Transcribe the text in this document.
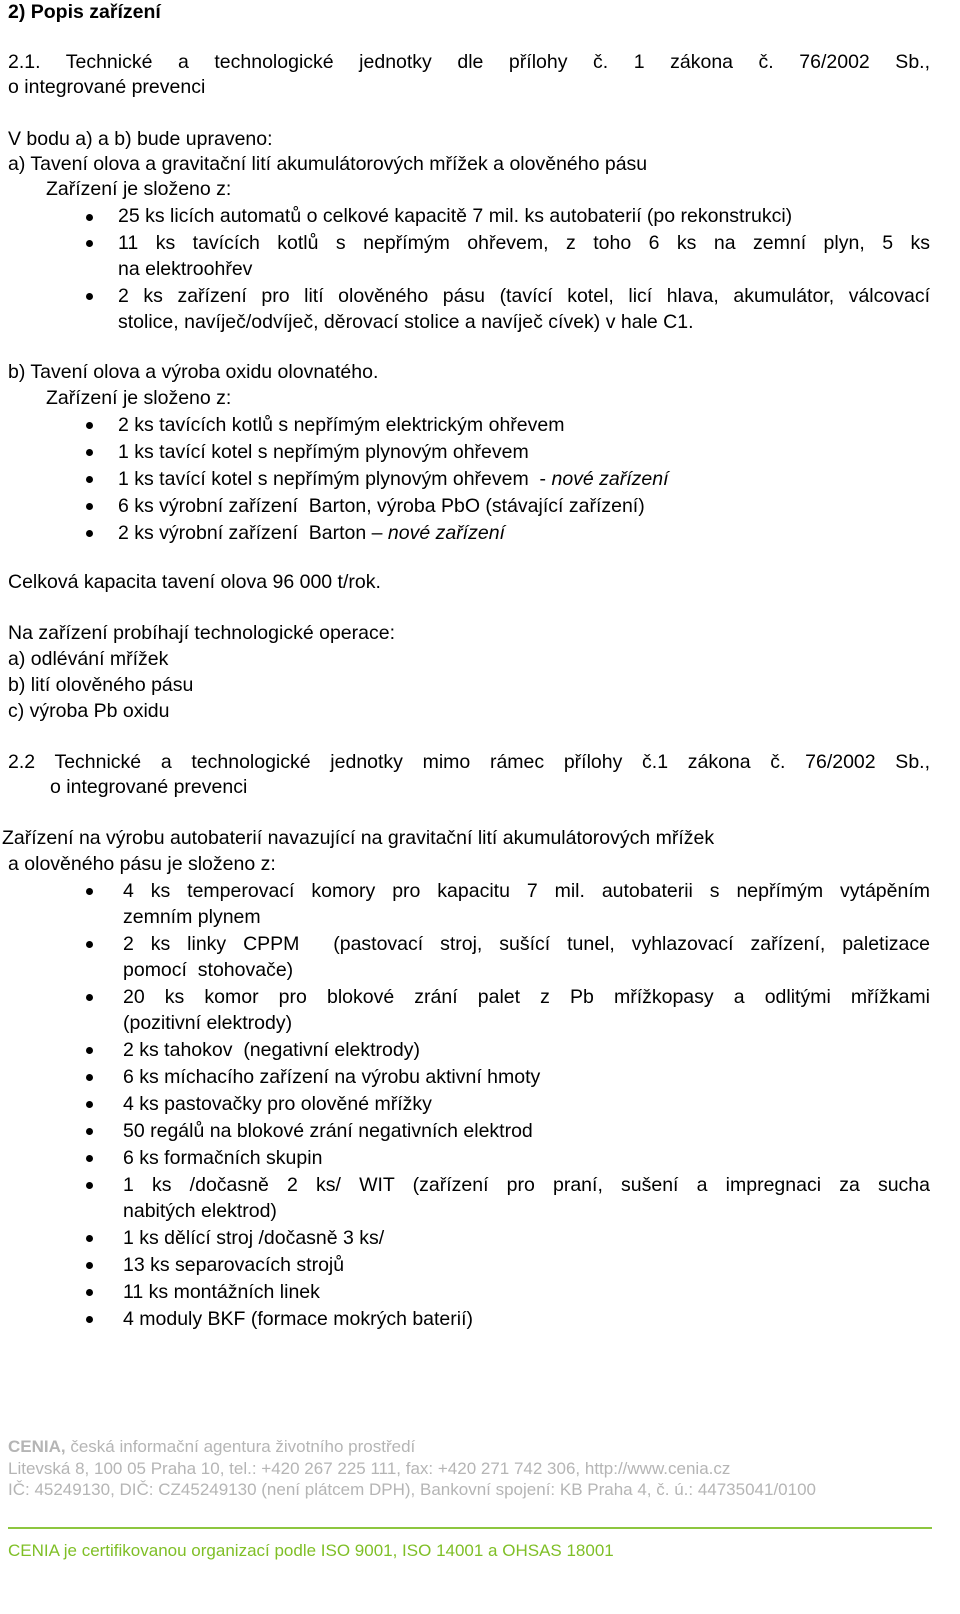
2) Popis zařízení
2.1. Technické a technologické jednotky dle přílohy č. 1 zákona č. 76/2002 Sb.,
o integrované prevenci
V bodu a) a b) bude upraveno:
a) Tavení olova a gravitační lití akumulátorových mřížek a olověného pásu
Zařízení je složeno z:
25 ks licích automatů o celkové kapacitě 7 mil. ks autobaterií (po rekonstrukci)
11 ks tavících kotlů s nepřímým ohřevem, z toho 6 ks na zemní plyn, 5 ks
na elektroohřev
2 ks zařízení pro lití olověného pásu (tavící kotel, licí hlava, akumulátor, válcovací
stolice, navíječ/odvíječ, děrovací stolice a navíječ cívek) v hale C1.
b) Tavení olova a výroba oxidu olovnatého.
Zařízení je složeno z:
2 ks tavících kotlů s nepřímým elektrickým ohřevem
1 ks tavící kotel s nepřímým plynovým ohřevem
1 ks tavící kotel s nepřímým plynovým ohřevem  - nové zařízení
6 ks výrobní zařízení  Barton, výroba PbO (stávající zařízení)
2 ks výrobní zařízení  Barton – nové zařízení
Celková kapacita tavení olova 96 000 t/rok.
Na zařízení probíhají technologické operace:
a) odlévání mřížek
b) lití olověného pásu
c) výroba Pb oxidu
2.2 Technické a technologické jednotky mimo rámec přílohy č.1 zákona č. 76/2002 Sb.,
o integrované prevenci
Zařízení na výrobu autobaterií navazující na gravitační lití akumulátorových mřížek
a olověného pásu je složeno z:
4 ks temperovací komory pro kapacitu 7 mil. autobaterii s nepřímým vytápěním
zemním plynem
2 ks linky CPPM  (pastovací stroj, sušící tunel, vyhlazovací zařízení, paletizace
pomocí  stohovače)
20 ks komor pro blokové zrání palet z Pb mřížkopasy a odlitými mřížkami
(pozitivní elektrody)
2 ks tahokov  (negativní elektrody)
6 ks míchacího zařízení na výrobu aktivní hmoty
4 ks pastovačky pro olověné mřížky
50 regálů na blokové zrání negativních elektrod
6 ks formačních skupin
1 ks /dočasně 2 ks/ WIT (zařízení pro praní, sušení a impregnaci za sucha
nabitých elektrod)
1 ks dělící stroj /dočasně 3 ks/
13 ks separovacích strojů
11 ks montážních linek
4 moduly BKF (formace mokrých baterií)
CENIA, česká informační agentura životního prostředí
Litevská 8, 100 05 Praha 10, tel.: +420 267 225 111, fax: +420 271 742 306, http://www.cenia.cz
IČ: 45249130, DIČ: CZ45249130 (není plátcem DPH), Bankovní spojení: KB Praha 4, č. ú.: 44735041/0100
CENIA je certifikovanou organizací podle ISO 9001, ISO 14001 a OHSAS 18001
